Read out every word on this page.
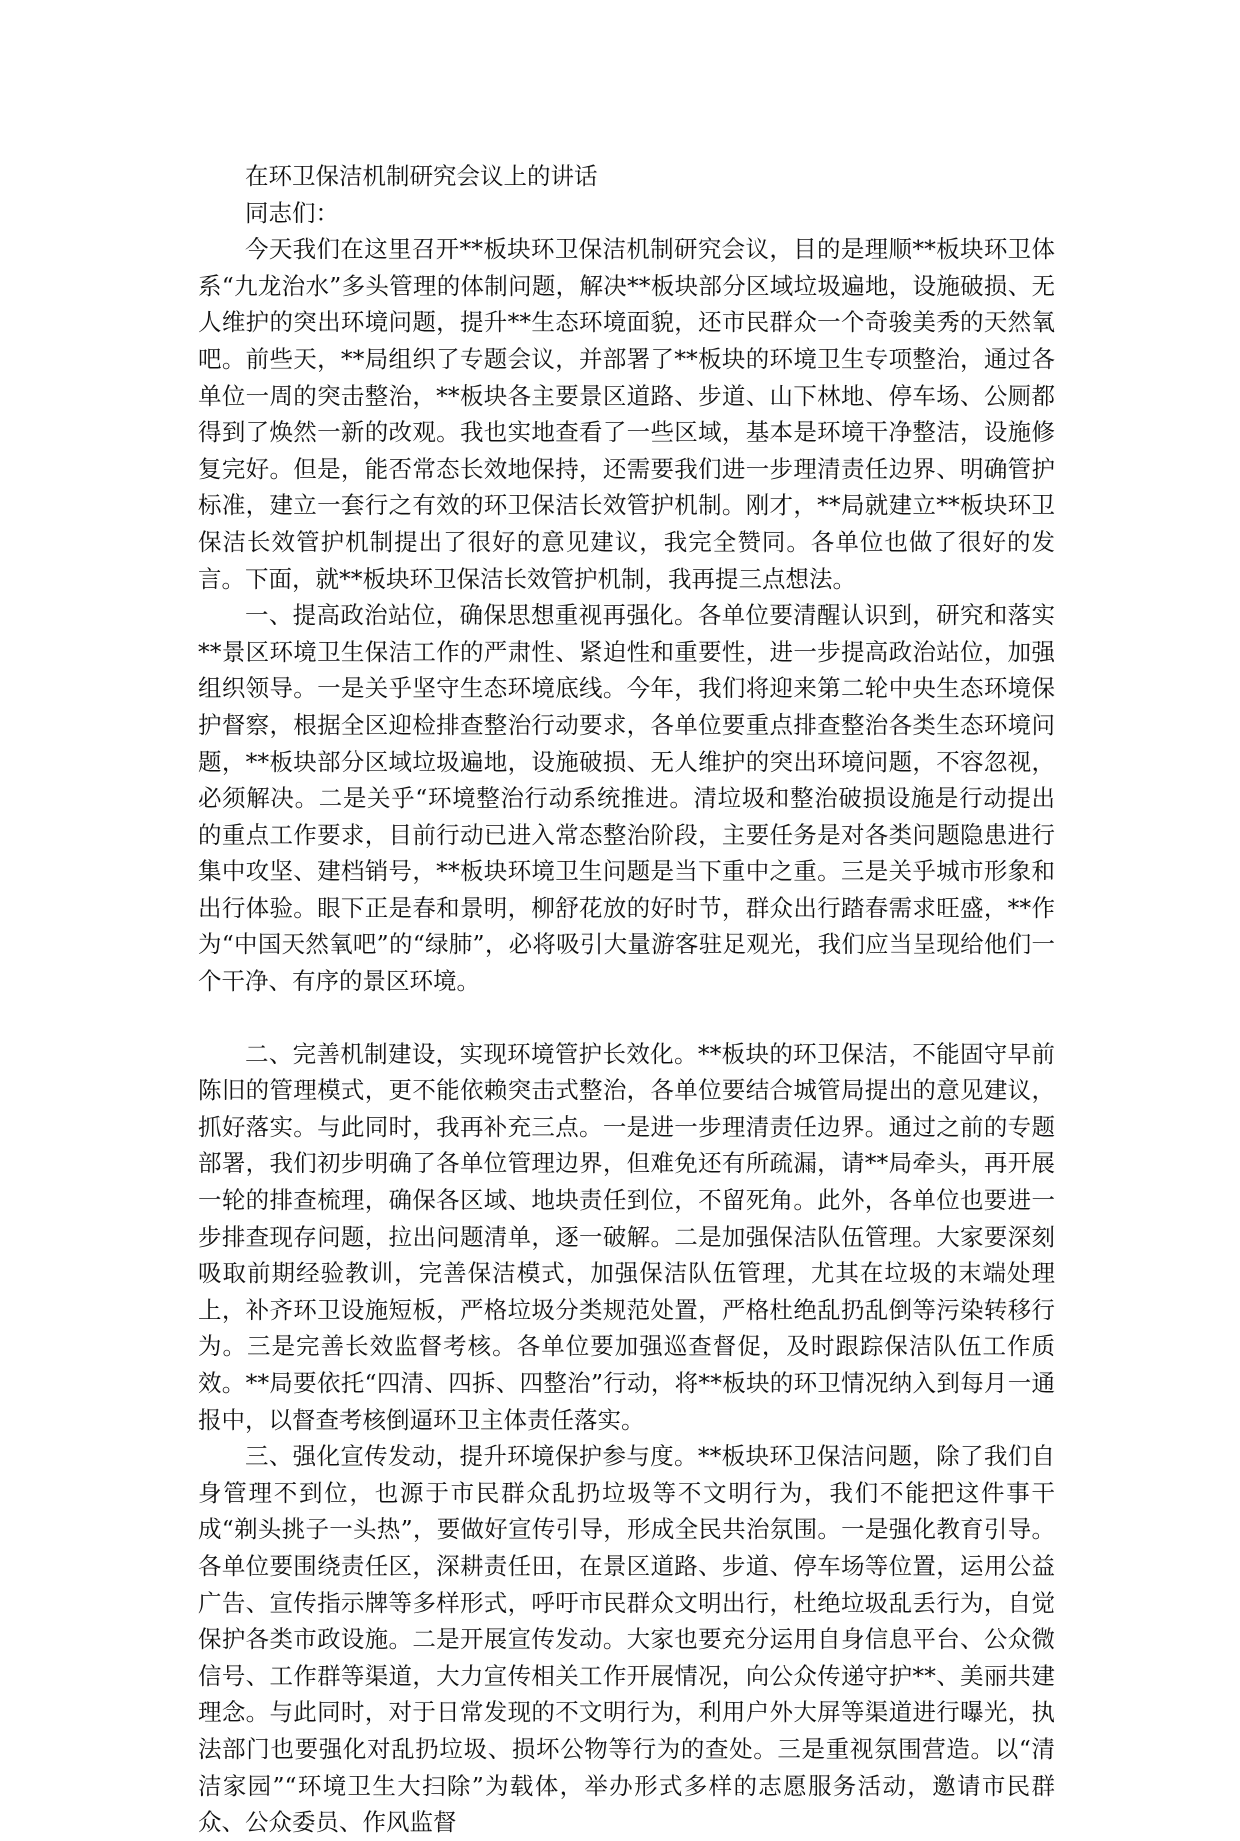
在环卫保洁机制研究会议上的讲话

同志们：

今天我们在这里召开**板块环卫保洁机制研究会议，目的是理顺**板块环卫体系“九龙治水”多头管理的体制问题，解决**板块部分区域垃圾遍地，设施破损、无人维护的突出环境问题，提升**生态环境面貌，还市民群众一个奇骏美秀的天然氧吧。前些天，**局组织了专题会议，并部署了**板块的环境卫生专项整治，通过各单位一周的突击整治，**板块各主要景区道路、步道、山下林地、停车场、公厕都得到了焕然一新的改观。我也实地查看了一些区域，基本是环境干净整洁，设施修复完好。但是，能否常态长效地保持，还需要我们进一步理清责任边界、明确管护标准，建立一套行之有效的环卫保洁长效管护机制。刚才，**局就建立**板块环卫保洁长效管护机制提出了很好的意见建议，我完全赞同。各单位也做了很好的发言。下面，就**板块环卫保洁长效管护机制，我再提三点想法。

一、提高政治站位，确保思想重视再强化。各单位要清醒认识到，研究和落实**景区环境卫生保洁工作的严肃性、紧迫性和重要性，进一步提高政治站位，加强组织领导。一是关乎坚守生态环境底线。今年，我们将迎来第二轮中央生态环境保护督察，根据全区迎检排查整治行动要求，各单位要重点排查整治各类生态环境问题，**板块部分区域垃圾遍地，设施破损、无人维护的突出环境问题，不容忽视，必须解决。二是关乎“环境整治行动系统推进。清垃圾和整治破损设施是行动提出的重点工作要求，目前行动已进入常态整治阶段，主要任务是对各类问题隐患进行集中攻坚、建档销号，**板块环境卫生问题是当下重中之重。三是关乎城市形象和出行体验。眼下正是春和景明，柳舒花放的好时节，群众出行踏春需求旺盛，**作为“中国天然氧吧”的“绿肺”，必将吸引大量游客驻足观光，我们应当呈现给他们一个干净、有序的景区环境。

二、完善机制建设，实现环境管护长效化。**板块的环卫保洁，不能固守早前陈旧的管理模式，更不能依赖突击式整治，各单位要结合城管局提出的意见建议，抓好落实。与此同时，我再补充三点。一是进一步理清责任边界。通过之前的专题部署，我们初步明确了各单位管理边界，但难免还有所疏漏，请**局牵头，再开展一轮的排查梳理，确保各区域、地块责任到位，不留死角。此外，各单位也要进一步排查现存问题，拉出问题清单，逐一破解。二是加强保洁队伍管理。大家要深刻吸取前期经验教训，完善保洁模式，加强保洁队伍管理，尤其在垃圾的末端处理上，补齐环卫设施短板，严格垃圾分类规范处置，严格杜绝乱扔乱倒等污染转移行为。三是完善长效监督考核。各单位要加强巡查督促，及时跟踪保洁队伍工作质效。**局要依托“四清、四拆、四整治”行动，将**板块的环卫情况纳入到每月一通报中，以督查考核倒逼环卫主体责任落实。

三、强化宣传发动，提升环境保护参与度。**板块环卫保洁问题，除了我们自身管理不到位，也源于市民群众乱扔垃圾等不文明行为，我们不能把这件事干成“剃头挑子一头热”，要做好宣传引导，形成全民共治氛围。一是强化教育引导。各单位要围绕责任区，深耕责任田，在景区道路、步道、停车场等位置，运用公益广告、宣传指示牌等多样形式，呼吁市民群众文明出行，杜绝垃圾乱丢行为，自觉保护各类市政设施。二是开展宣传发动。大家也要充分运用自身信息平台、公众微信号、工作群等渠道，大力宣传相关工作开展情况，向公众传递守护**、美丽共建理念。与此同时，对于日常发现的不文明行为，利用户外大屏等渠道进行曝光，执法部门也要强化对乱扔垃圾、损坏公物等行为的查处。三是重视氛围营造。以“清洁家园”“环境卫生大扫除”为载体，举办形式多样的志愿服务活动，邀请市民群众、公众委员、作风监督
